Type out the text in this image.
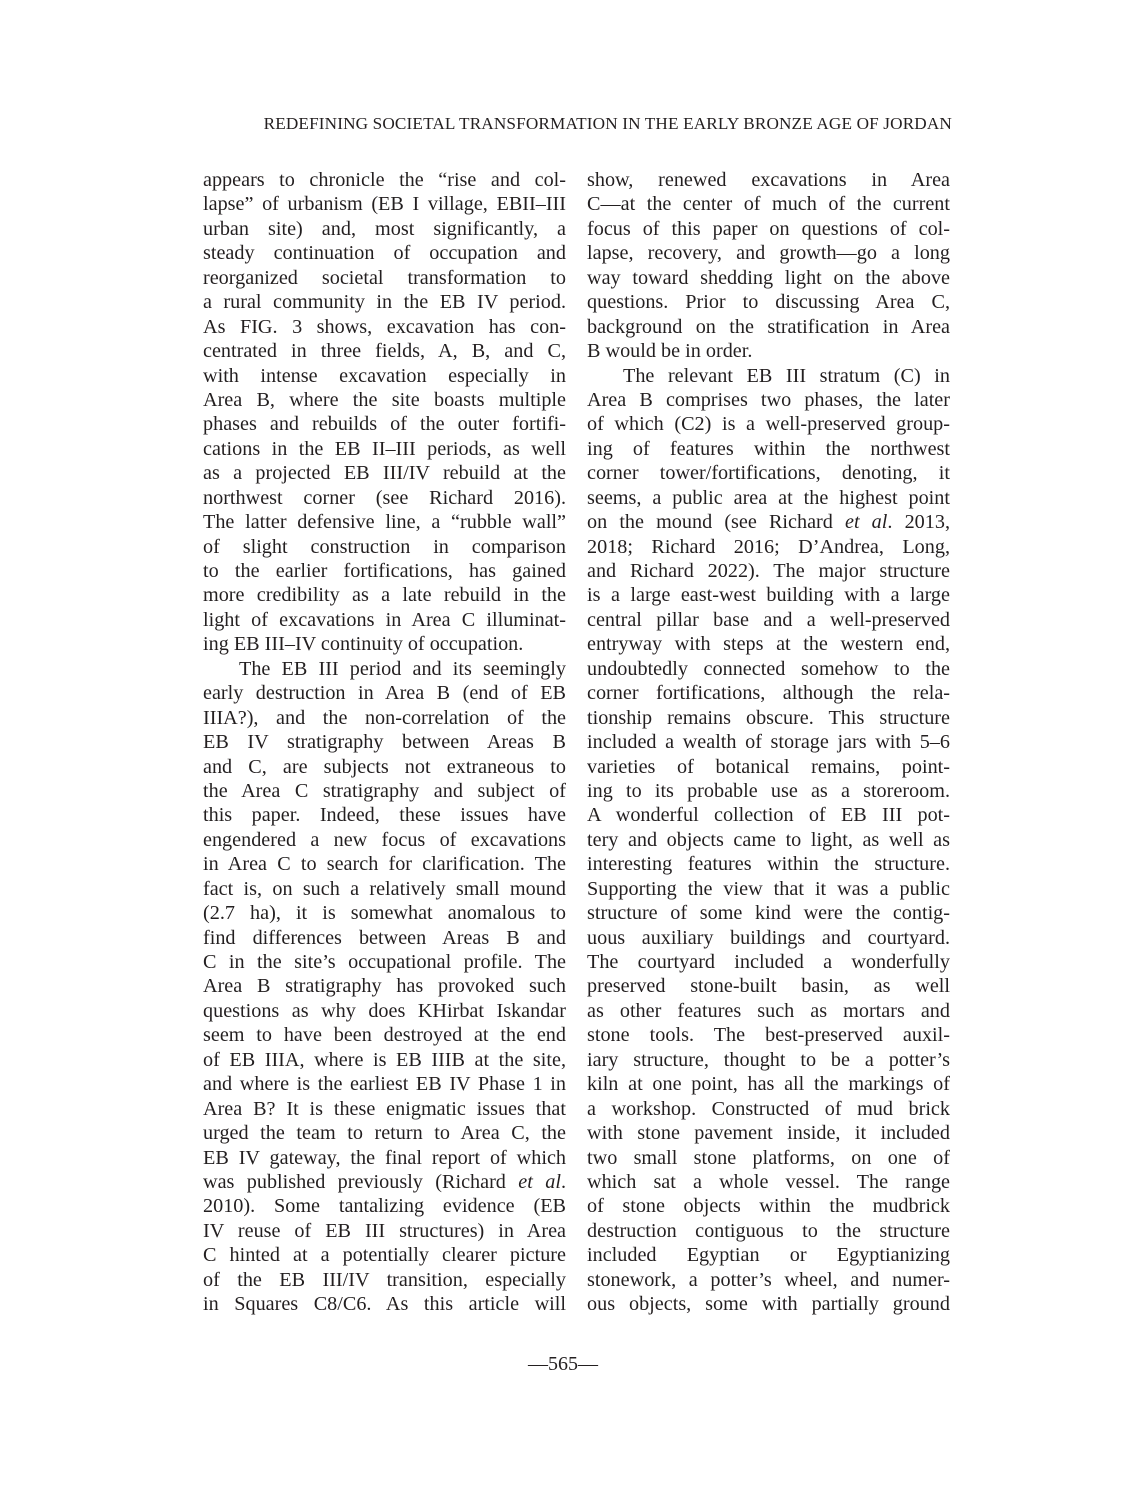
REDEFINING SOCIETAL TRANSFORMATION IN THE EARLY BRONZE AGE OF JORDAN
appears to chronicle the “rise and col-
lapse” of urbanism (EB I village, EBII–III
urban site) and, most significantly, a
steady continuation of occupation and
reorganized societal transformation to
a rural community in the EB IV period.
As FIG. 3 shows, excavation has con-
centrated in three fields, A, B, and C,
with intense excavation especially in
Area B, where the site boasts multiple
phases and rebuilds of the outer fortifi-
cations in the EB II–III periods, as well
as a projected EB III/IV rebuild at the
northwest corner (see Richard 2016).
The latter defensive line, a “rubble wall”
of slight construction in comparison
to the earlier fortifications, has gained
more credibility as a late rebuild in the
light of excavations in Area C illuminat-
ing EB III–IV continuity of occupation.
The EB III period and its seemingly
early destruction in Area B (end of EB
IIIA?), and the non-correlation of the
EB IV stratigraphy between Areas B
and C, are subjects not extraneous to
the Area C stratigraphy and subject of
this paper. Indeed, these issues have
engendered a new focus of excavations
in Area C to search for clarification. The
fact is, on such a relatively small mound
(2.7 ha), it is somewhat anomalous to
find differences between Areas B and
C in the site’s occupational profile. The
Area B stratigraphy has provoked such
questions as why does KHirbat Iskandar
seem to have been destroyed at the end
of EB IIIA, where is EB IIIB at the site,
and where is the earliest EB IV Phase 1 in
Area B? It is these enigmatic issues that
urged the team to return to Area C, the
EB IV gateway, the final report of which
was published previously (Richard et al.
2010). Some tantalizing evidence (EB
IV reuse of EB III structures) in Area
C hinted at a potentially clearer picture
of the EB III/IV transition, especially
in Squares C8/C6. As this article will
show, renewed excavations in Area
C—at the center of much of the current
focus of this paper on questions of col-
lapse, recovery, and growth—go a long
way toward shedding light on the above
questions. Prior to discussing Area C,
background on the stratification in Area
B would be in order.
The relevant EB III stratum (C) in
Area B comprises two phases, the later
of which (C2) is a well-preserved group-
ing of features within the northwest
corner tower/fortifications, denoting, it
seems, a public area at the highest point
on the mound (see Richard et al. 2013,
2018; Richard 2016; D’Andrea, Long,
and Richard 2022). The major structure
is a large east-west building with a large
central pillar base and a well-preserved
entryway with steps at the western end,
undoubtedly connected somehow to the
corner fortifications, although the rela-
tionship remains obscure. This structure
included a wealth of storage jars with 5–6
varieties of botanical remains, point-
ing to its probable use as a storeroom.
A wonderful collection of EB III pot-
tery and objects came to light, as well as
interesting features within the structure.
Supporting the view that it was a public
structure of some kind were the contig-
uous auxiliary buildings and courtyard.
The courtyard included a wonderfully
preserved stone-built basin, as well
as other features such as mortars and
stone tools. The best-preserved auxil-
iary structure, thought to be a potter’s
kiln at one point, has all the markings of
a workshop. Constructed of mud brick
with stone pavement inside, it included
two small stone platforms, on one of
which sat a whole vessel. The range
of stone objects within the mudbrick
destruction contiguous to the structure
included Egyptian or Egyptianizing
stonework, a potter’s wheel, and numer-
ous objects, some with partially ground
—565—
